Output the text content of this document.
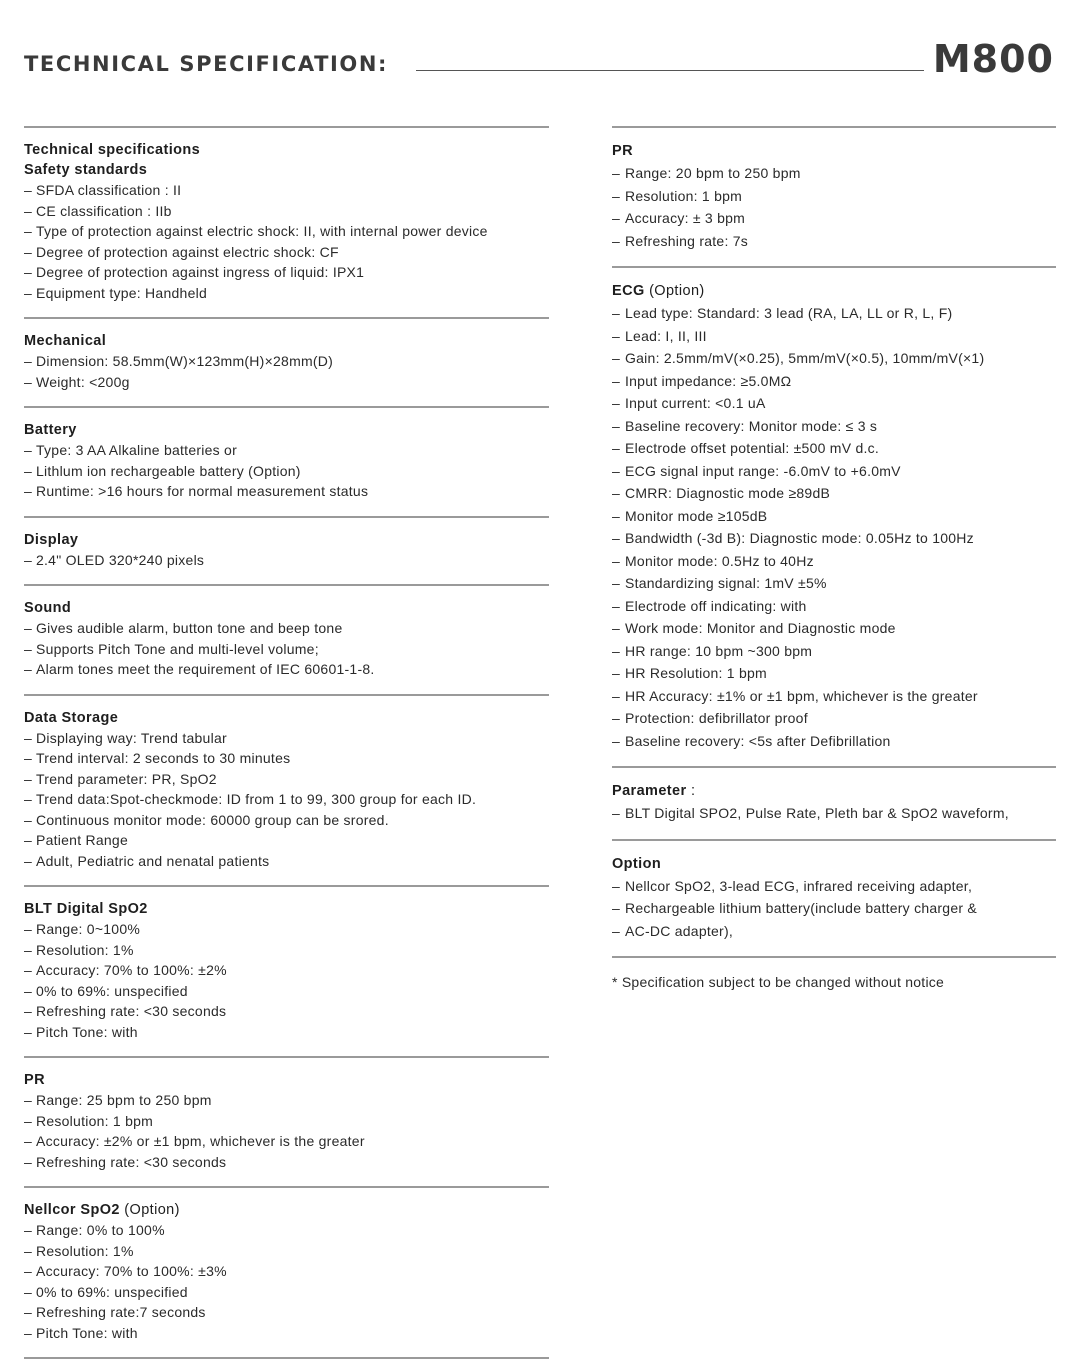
TECHNICAL SPECIFICATION:	M800
Technical specifications
Safety standards
– SFDA classification : II
– CE classification : IIb
– Type of protection against electric shock: II, with internal power device
– Degree of protection against electric shock: CF
– Degree of protection against ingress of liquid: IPX1
– Equipment type: Handheld
Mechanical
– Dimension: 58.5mm(W)×123mm(H)×28mm(D)
– Weight: <200g
Battery
– Type: 3 AA Alkaline batteries or
– Lithlum ion rechargeable battery (Option)
– Runtime: >16 hours for normal measurement status
Display
– 2.4" OLED 320*240 pixels
Sound
– Gives audible alarm, button tone and beep tone
– Supports Pitch Tone and multi-level volume;
– Alarm tones meet the requirement of IEC 60601-1-8.
Data Storage
– Displaying way: Trend tabular
– Trend interval: 2 seconds to 30 minutes
– Trend parameter: PR, SpO2
– Trend data:Spot-checkmode: ID from 1 to 99, 300 group for each ID.
– Continuous monitor mode: 60000 group can be srored.
– Patient Range
– Adult, Pediatric and nenatal patients
BLT Digital SpO2
– Range: 0~100%
– Resolution: 1%
– Accuracy: 70% to 100%: ±2%
– 0% to 69%: unspecified
– Refreshing rate: <30 seconds
– Pitch Tone: with
PR
– Range: 25 bpm to 250 bpm
– Resolution: 1 bpm
– Accuracy: ±2% or ±1 bpm, whichever is the greater
– Refreshing rate: <30 seconds
Nellcor SpO2 (Option)
– Range: 0% to 100%
– Resolution: 1%
– Accuracy: 70% to 100%: ±3%
– 0% to 69%: unspecified
– Refreshing rate:7 seconds
– Pitch Tone: with
PR
– Range: 20 bpm to 250 bpm
– Resolution: 1 bpm
– Accuracy: ± 3 bpm
– Refreshing rate: 7s
ECG (Option)
– Lead type: Standard: 3 lead (RA, LA, LL or R, L, F)
– Lead: I, II, III
– Gain: 2.5mm/mV(×0.25), 5mm/mV(×0.5), 10mm/mV(×1)
– Input impedance: ≥5.0MΩ
– Input current: <0.1 uA
– Baseline recovery: Monitor mode: ≤ 3 s
– Electrode offset potential: ±500 mV d.c.
– ECG signal input range: -6.0mV to +6.0mV
– CMRR: Diagnostic mode ≥89dB
– Monitor mode ≥105dB
– Bandwidth (-3d B): Diagnostic mode: 0.05Hz to 100Hz
– Monitor mode: 0.5Hz to 40Hz
– Standardizing signal: 1mV ±5%
– Electrode off indicating: with
– Work mode: Monitor and Diagnostic mode
– HR range: 10 bpm ~300 bpm
– HR Resolution: 1 bpm
– HR Accuracy: ±1% or ±1 bpm, whichever is the greater
– Protection: defibrillator proof
– Baseline recovery: <5s after Defibrillation
Parameter :
– BLT Digital SPO2, Pulse Rate, Pleth bar & SpO2 waveform,
Option
– Nellcor SpO2, 3-lead ECG, infrared receiving adapter,
– Rechargeable lithium battery(include battery charger &
– AC-DC adapter),
* Specification subject to be changed without notice
